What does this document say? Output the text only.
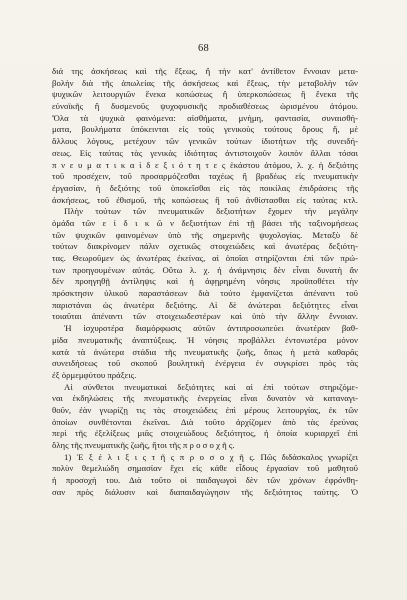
68
διά της ἀσκήσεως καὶ τῆς ἕξεως, ἢ τὴν κατ' ἀντίθετον ἔννοιαν μετα-
βολὴν διὰ τῆς ἀπωλείας τῆς ἀσκήσεως καὶ ἕξεως, τὴν μεταβολὴν τῶν
ψυχικῶν λειτουργιῶν ἕνεκα κοπώσεως ἢ ὑπερκοπώσεως ἢ ἕνεκα τῆς
εὐνοϊκῆς ἢ δυσμενοῦς ψυχοφυσικῆς προδιαθέσεως ὡρισμένου ἀτόμου.
Ὅλα τὰ ψυχικὰ φαινόμενα: αἰσθήματα, μνήμη, φαντασία, συναισθή-
ματα, βουλήματα ὑπόκεινται εἰς τοὺς γενικοὺς τούτους ὅρους ἤ, μὲ
ἄλλους λόγους, μετέχουν τῶν γενικῶν τούτων ἰδιοτήτων τῆς συνειδή-
σεως. Εἰς ταύτας τὰς γενικὰς ἰδιότητας ἀντιστοιχοῦν λοιπὸν ἄλλαι τόσαι
π ν ε υ μ α τ ι κ α ὶ δ ε ξ ι ό τ η τ ε ς ἑκάστου ἀτόμου, λ. χ. ἡ δεξιότης
τοῦ προσέχειν, τοῦ προσαρμόζεσθαι ταχέως ἢ βραδέως εἰς πνευματικὴν
ἐργασίαν, ἡ δεξιότης τοῦ ὑποκεῖσθαι εἰς τὰς ποικίλας ἐπιδράσεις τῆς
ἀσκήσεως, τοῦ ἐθισμοῦ, τῆς κοπώσεως ἢ τοῦ ἀνθίστασθαι εἰς ταύτας κτλ.
Πλὴν τούτων τῶν πνευματικῶν δεξιοτήτων ἔχομεν τὴν μεγάλην
ὁμάδα τῶν ε ἰ δ ι κ ῶ ν δεξιοτήτων ἐπὶ τῇ βάσει τῆς ταξινομήσεως
τῶν ψυχικῶν φαινομένων ὑπὸ τῆς σημερινῆς ψυχολογίας. Μεταξὺ δὲ
τούτων διακρίνομεν πάλιν σχετικῶς στοιχειώδεις καὶ ἀνωτέρας δεξιότη-
τας. Θεωροῦμεν ὡς ἀνωτέρας ἐκείνας, αἱ ὁποῖαι στηρίζονται ἐπὶ τῶν πρώ-
των προηγουμένων αὐτάς. Οὕτω λ. χ. ἡ ἀνάμνησις δὲν εἶναι δυνατὴ ἄν
δὲν προηγηθῇ ἀντίληψις καὶ ἡ ἀφῃρημένη νόησις προϋποθέτει τὴν
πρόσκτησιν ὑλικοῦ παραστάσεων διὰ τούτο ἐμφανίζεται ἀπέναντι τοῦ
παριστάναι ὡς ἀνωτέρα δεξιότης. Αἱ δὲ ἀνώτεραι δεξιότητες εἶναι
τοιαῦται ἀπέναντι τῶν στοιχειωδεστέρων καὶ ὑπὸ τὴν ἄλλην ἔννοιαν.
Ἡ ἰσχυροτέρα διαμόρφωσις αὐτῶν ἀντιπροσωπεύει ἀνωτέραν βαθ-
μίδα πνευματικῆς ἀναπτύξεως. Ἡ νόησις προβάλλει ἐντονωτέρα μόνον
κατὰ τὰ ἀνώτερα στάδια τῆς πνευματικῆς ζωῆς, ὅπως ἡ μετὰ καθαρᾶς
συνειδήσεως τοῦ σκοποῦ βουλητικὴ ἐνέργεια ἐν συγκρίσει πρὸς τὰς
ἐξ ὁρμεμφύτου πράξεις.
Αἱ σύνθετοι πνευματικαὶ δεξιότητες καὶ αἱ ἐπὶ τούτων στηριζόμε-
ναι ἐκδηλώσεις τῆς πνευματικῆς ἐνεργείας εἶναι δυνατὸν νὰ καταναγι-
θοῦν, ἐὰν γνωρίζῃ τις τὰς στοιχειώδεις ἐπὶ μέρους λειτουργίας, ἐκ τῶν
ὁποίων συνθέτονται ἐκεῖναι. Διὰ τοῦτο ἀρχίζομεν ἀπὸ τὰς ἐρεύνας
περὶ τῆς ἐξελίξεως μιᾶς στοιχειώδους δεξιότητος, ἡ ὁποία κυριαρχεῖ ἐπὶ
ὅλης τῆς πνευματικῆς ζωῆς, ἤτοι τῆς π ρ ο σ ο χ ῆ ς.
1) Ἐ ξ έ λ ι ξ ι ς τ ῆ ς π ρ ο σ ο χ ῆ ς. Πῶς διδάσκαλος γνωρίζει
πολὺν θεμελιώδη σημασίαν ἔχει εἰς κάθε εἶδους ἐργασίαν τοῦ μαθητοῦ
ἡ προσοχὴ του. Διὰ τοῦτο οἱ παιδαγωγοὶ δὲν τῶν χρόνων ἐφρόνθη-
σαν πρὸς διάλυσιν καὶ διαπαιδαγώγησιν τῆς δεξιότητος ταύτης. Ὁ
